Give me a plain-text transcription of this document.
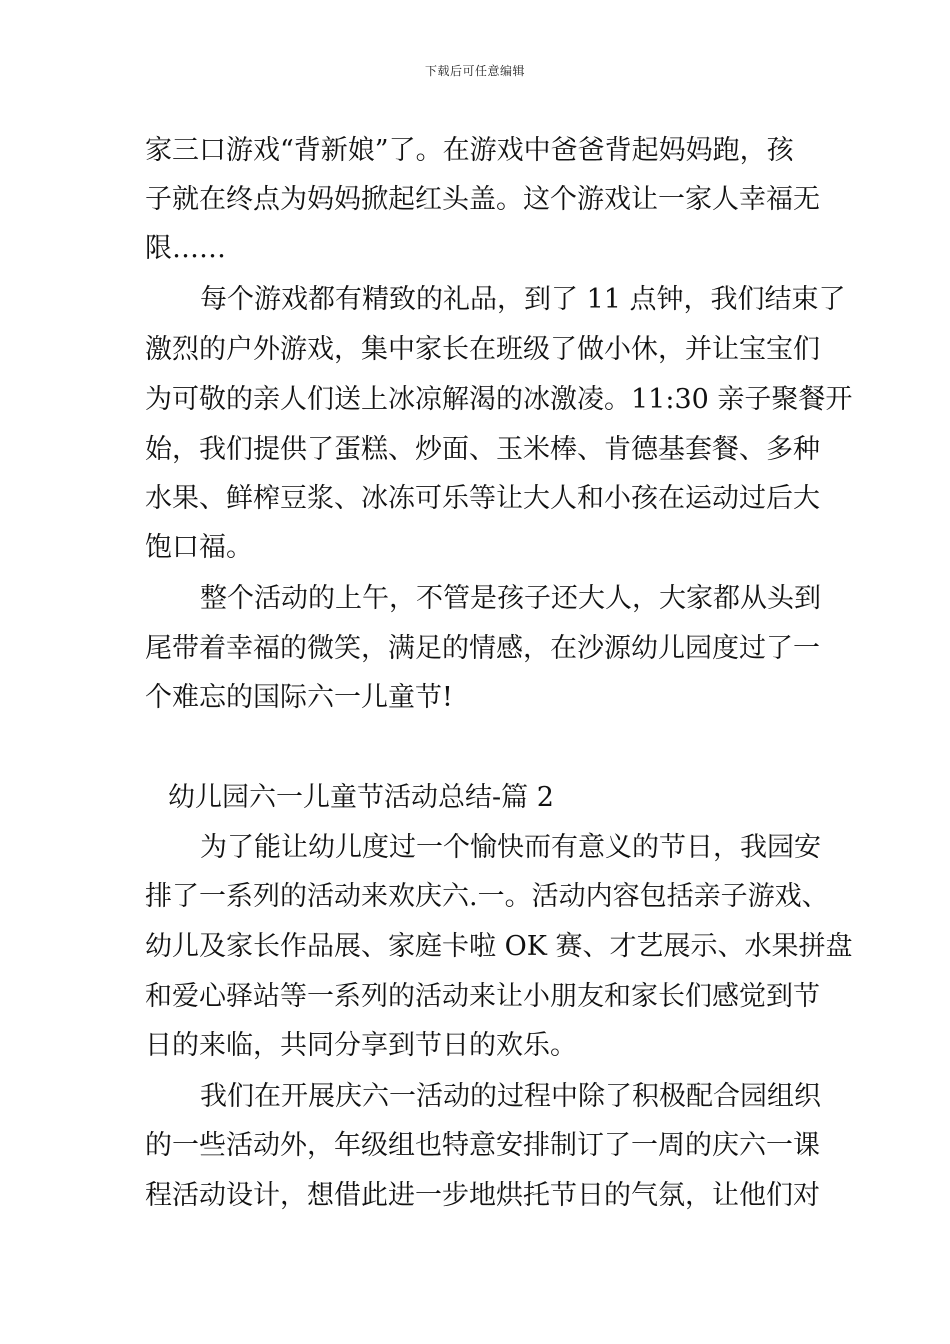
下载后可任意编辑
家三口游戏“背新娘”了。在游戏中爸爸背起妈妈跑，孩
子就在终点为妈妈掀起红头盖。这个游戏让一家人幸福无
限……
每个游戏都有精致的礼品，到了 11 点钟，我们结束了
激烈的户外游戏，集中家长在班级了做小休，并让宝宝们
为可敬的亲人们送上冰凉解渴的冰激凌。11:30 亲子聚餐开
始，我们提供了蛋糕、炒面、玉米棒、肯德基套餐、多种
水果、鲜榨豆浆、冰冻可乐等让大人和小孩在运动过后大
饱口福。
整个活动的上午，不管是孩子还大人，大家都从头到
尾带着幸福的微笑，满足的情感，在沙源幼儿园度过了一
个难忘的国际六一儿童节!
幼儿园六一儿童节活动总结-篇 2
为了能让幼儿度过一个愉快而有意义的节日，我园安
排了一系列的活动来欢庆六.一。活动内容包括亲子游戏、
幼儿及家长作品展、家庭卡啦 OK 赛、才艺展示、水果拼盘
和爱心驿站等一系列的活动来让小朋友和家长们感觉到节
日的来临，共同分享到节日的欢乐。
我们在开展庆六一活动的过程中除了积极配合园组织
的一些活动外，年级组也特意安排制订了一周的庆六一课
程活动设计，想借此进一步地烘托节日的气氛，让他们对
